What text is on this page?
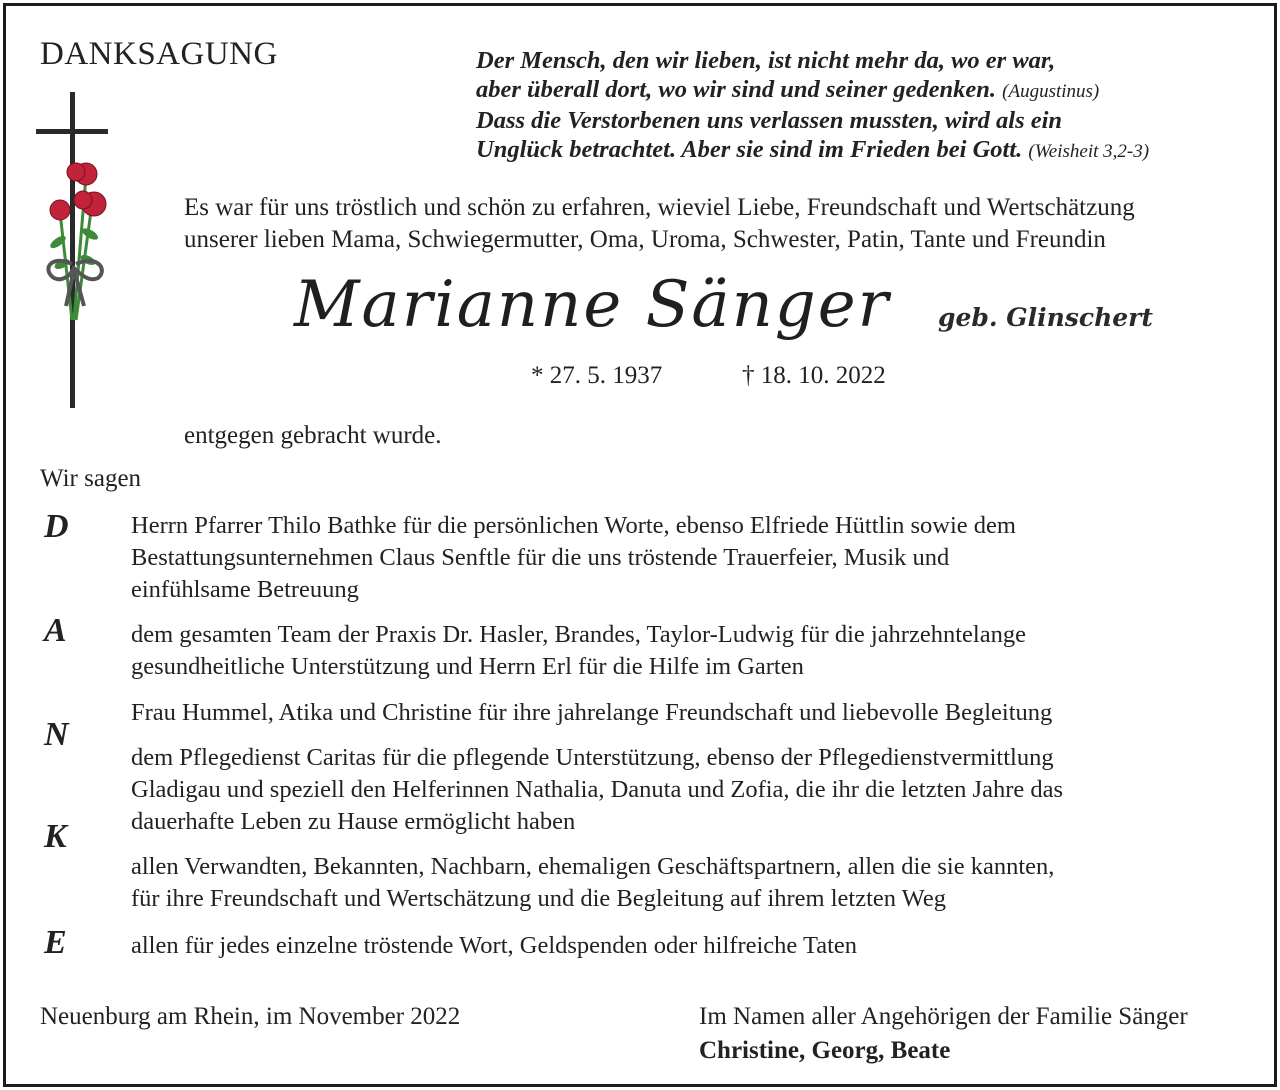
DANKSAGUNG	Der Mensch, den wir lieben, ist nicht mehr da, wo er war,
aber überall dort, wo wir sind und seiner gedenken. (Augustinus)
Dass die Verstorbenen uns verlassen mussten, wird als ein
Unglück betrachtet. Aber sie sind im Frieden bei Gott. (Weisheit 3,2-3)
Es war für uns tröstlich und schön zu erfahren, wieviel Liebe, Freundschaft und Wertschätzung
unserer lieben Mama, Schwiegermutter, Oma, Uroma, Schwester, Patin, Tante und Freundin
Marianne Sänger geb. Glinschert
* 27. 5. 1937	† 18. 10. 2022
entgegen gebracht wurde.
Wir sagen
D
A
N
K
E
Herrn Pfarrer Thilo Bathke für die persönlichen Worte, ebenso Elfriede Hüttlin sowie dem
Bestattungsunternehmen Claus Senftle für die uns tröstende Trauerfeier, Musik und
einfühlsame Betreuung
dem gesamten Team der Praxis Dr. Hasler, Brandes, Taylor-Ludwig für die jahrzehntelange
gesundheitliche Unterstützung und Herrn Erl für die Hilfe im Garten
Frau Hummel, Atika und Christine für ihre jahrelange Freundschaft und liebevolle Begleitung
dem Pflegedienst Caritas für die pflegende Unterstützung, ebenso der Pflegedienstvermittlung
Gladigau und speziell den Helferinnen Nathalia, Danuta und Zofia, die ihr die letzten Jahre das
dauerhafte Leben zu Hause ermöglicht haben
allen Verwandten, Bekannten, Nachbarn, ehemaligen Geschäftspartnern, allen die sie kannten,
für ihre Freundschaft und Wertschätzung und die Begleitung auf ihrem letzten Weg
allen für jedes einzelne tröstende Wort, Geldspenden oder hilfreiche Taten
Neuenburg am Rhein, im November 2022	Im Namen aller Angehörigen der Familie Sänger
Christine, Georg, Beate
